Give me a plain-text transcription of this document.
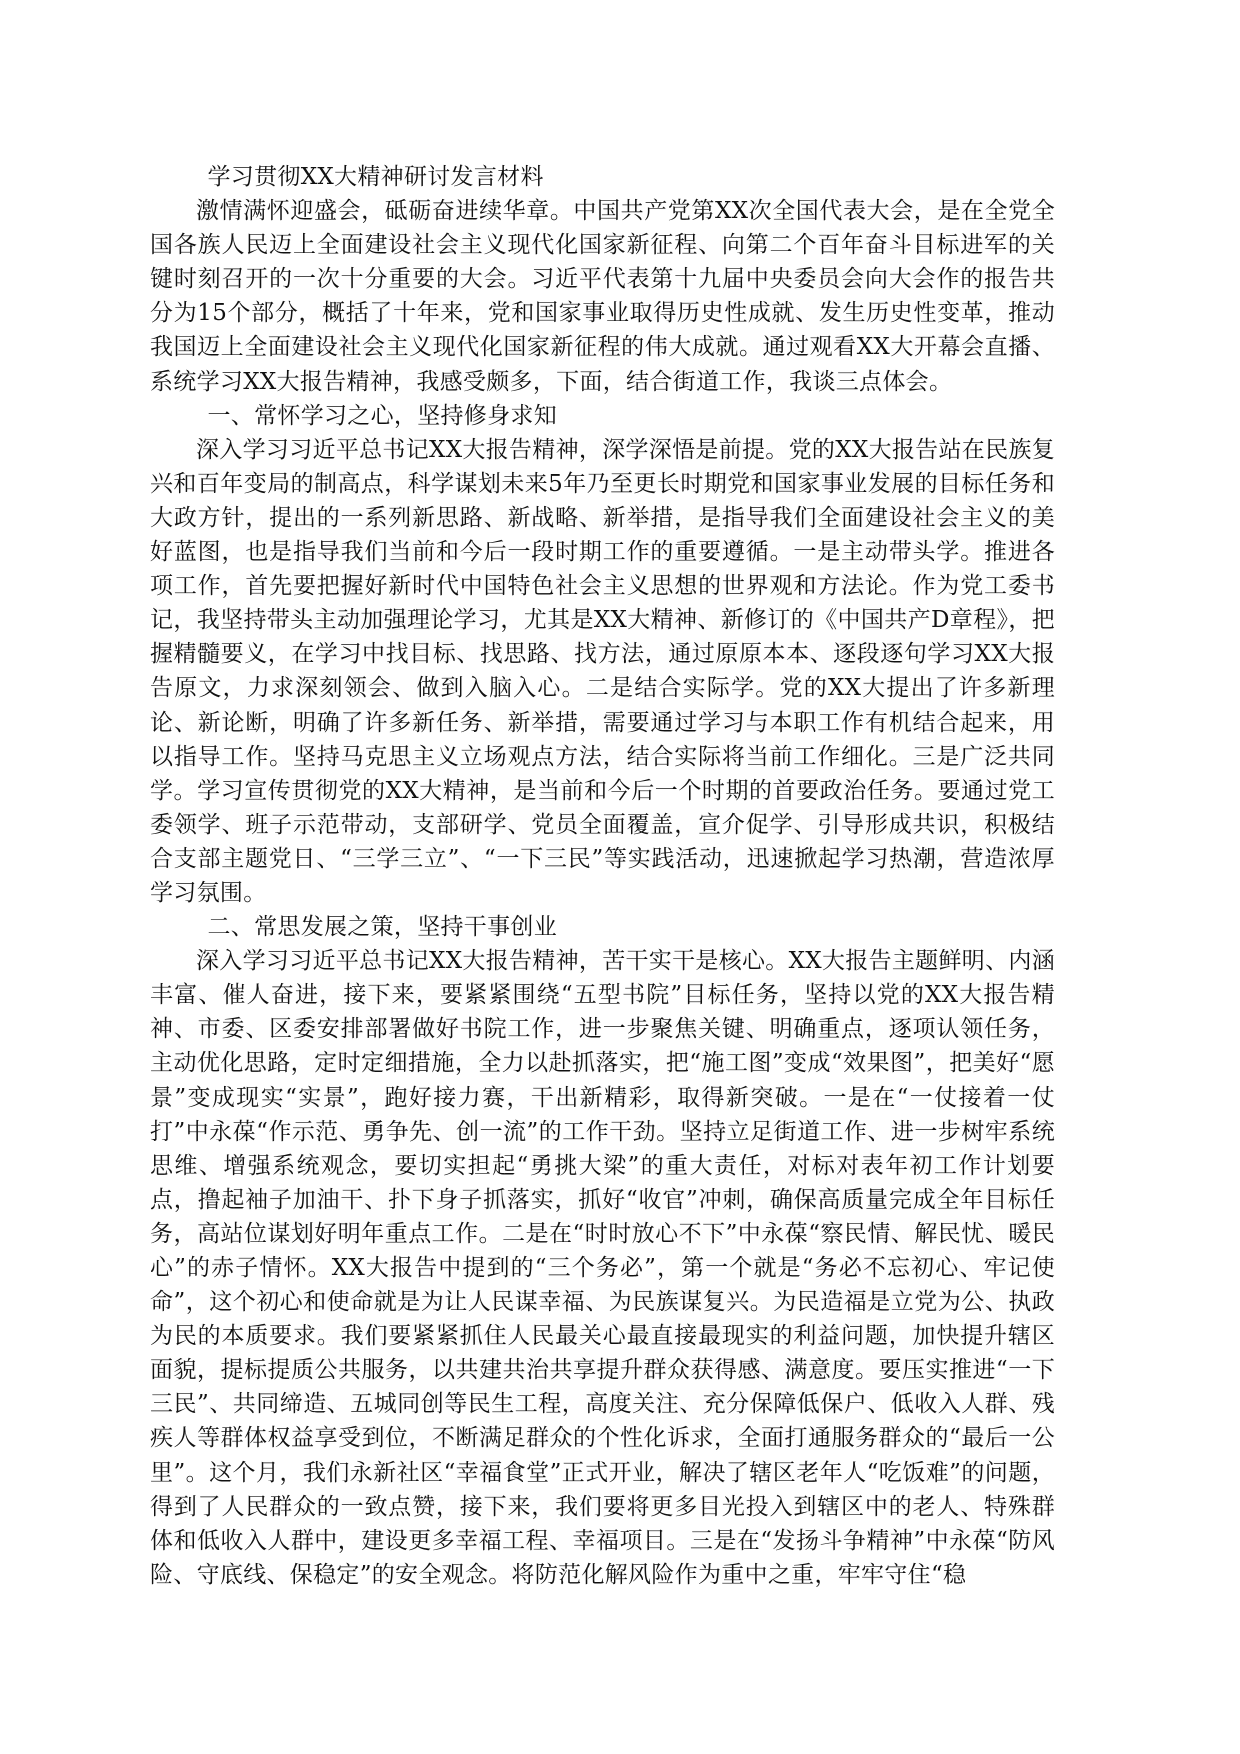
学习贯彻XX大精神研讨发言材料

激情满怀迎盛会，砥砺奋进续华章。中国共产党第XX次全国代表大会，是在全党全国各族人民迈上全面建设社会主义现代化国家新征程、向第二个百年奋斗目标进军的关键时刻召开的一次十分重要的大会。习近平代表第十九届中央委员会向大会作的报告共分为15个部分，概括了十年来，党和国家事业取得历史性成就、发生历史性变革，推动我国迈上全面建设社会主义现代化国家新征程的伟大成就。通过观看XX大开幕会直播、系统学习XX大报告精神，我感受颇多，下面，结合街道工作，我谈三点体会。

一、常怀学习之心，坚持修身求知

深入学习习近平总书记XX大报告精神，深学深悟是前提。党的XX大报告站在民族复兴和百年变局的制高点，科学谋划未来5年乃至更长时期党和国家事业发展的目标任务和大政方针，提出的一系列新思路、新战略、新举措，是指导我们全面建设社会主义的美好蓝图，也是指导我们当前和今后一段时期工作的重要遵循。一是主动带头学。推进各项工作，首先要把握好新时代中国特色社会主义思想的世界观和方法论。作为党工委书记，我坚持带头主动加强理论学习，尤其是XX大精神、新修订的《中国共产D章程》，把握精髓要义，在学习中找目标、找思路、找方法，通过原原本本、逐段逐句学习XX大报告原文，力求深刻领会、做到入脑入心。二是结合实际学。党的XX大提出了许多新理论、新论断，明确了许多新任务、新举措，需要通过学习与本职工作有机结合起来，用以指导工作。坚持马克思主义立场观点方法，结合实际将当前工作细化。三是广泛共同学。学习宣传贯彻党的XX大精神，是当前和今后一个时期的首要政治任务。要通过党工委领学、班子示范带动，支部研学、党员全面覆盖，宣介促学、引导形成共识，积极结合支部主题党日、“三学三立”、“一下三民”等实践活动，迅速掀起学习热潮，营造浓厚学习氛围。

二、常思发展之策，坚持干事创业

深入学习习近平总书记XX大报告精神，苦干实干是核心。XX大报告主题鲜明、内涵丰富、催人奋进，接下来，要紧紧围绕“五型书院”目标任务，坚持以党的XX大报告精神、市委、区委安排部署做好书院工作，进一步聚焦关键、明确重点，逐项认领任务，主动优化思路，定时定细措施，全力以赴抓落实，把“施工图”变成“效果图”，把美好“愿景”变成现实“实景”，跑好接力赛，干出新精彩，取得新突破。一是在“一仗接着一仗打”中永葆“作示范、勇争先、创一流”的工作干劲。坚持立足街道工作、进一步树牢系统思维、增强系统观念，要切实担起“勇挑大梁”的重大责任，对标对表年初工作计划要点，撸起袖子加油干、扑下身子抓落实，抓好“收官”冲刺，确保高质量完成全年目标任务，高站位谋划好明年重点工作。二是在“时时放心不下”中永葆“察民情、解民忧、暖民心”的赤子情怀。XX大报告中提到的“三个务必”，第一个就是“务必不忘初心、牢记使命”，这个初心和使命就是为让人民谋幸福、为民族谋复兴。为民造福是立党为公、执政为民的本质要求。我们要紧紧抓住人民最关心最直接最现实的利益问题，加快提升辖区面貌，提标提质公共服务，以共建共治共享提升群众获得感、满意度。要压实推进“一下三民”、共同缔造、五城同创等民生工程，高度关注、充分保障低保户、低收入人群、残疾人等群体权益享受到位，不断满足群众的个性化诉求，全面打通服务群众的“最后一公里”。这个月，我们永新社区“幸福食堂”正式开业，解决了辖区老年人“吃饭难”的问题，得到了人民群众的一致点赞，接下来，我们要将更多目光投入到辖区中的老人、特殊群体和低收入人群中，建设更多幸福工程、幸福项目。三是在“发扬斗争精神”中永葆“防风险、守底线、保稳定”的安全观念。将防范化解风险作为重中之重，牢牢守住“稳
